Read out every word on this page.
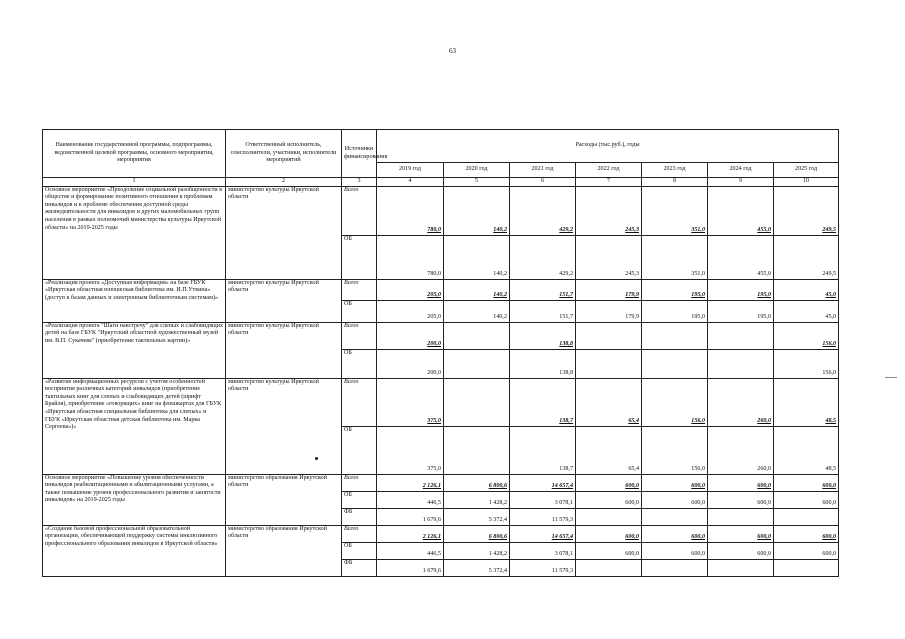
63
Наименование государственной программы, подпрограммы, ведомственной целевой программы, основного мероприятия, мероприятия	Ответственный исполнитель, соисполнители, участники, исполнители мероприятий	Источники финансирования	Расходы (тыс.руб.), годы						
			2019 год	2020 год	2021 год	2022 год	2023 год	2024 год	2025 год
1	2	3	4	5	6	7	8	9	10
Основное мероприятие «Преодоление социальной разобщенности в обществе и формирование позитивного отношения к проблемам инвалидов и к проблеме обеспечения доступной среды жизнедеятельности для инвалидов и других маломобильных групп населения в рамках полномочий министерства культуры Иркутской области» на 2019-2025 годы	министерство культуры Иркутской области	Всего	780,0	140,2	429,2	245,3	351,0	455,0	249,5
		ОБ	780,0	140,2	429,2	245,3	351,0	455,0	249,5
«Реализация проекта «Доступная информация» на базе ГБУК «Иркутская областная юношеская библиотека им. И.П.Уткина» (доступ к базам данных и электронным библиотечным системам)»	министерство культуры Иркутской области	Всего	205,0	140,2	151,7	179,9	195,0	195,0	45,0
		ОБ	205,0	140,2	151,7	179,9	195,0	195,0	45,0
«Реализация проекта "Шаги навстречу" для слепых и слабовидящих детей на базе ГБУК "Иркутский областной художественный музей им. В.П. Сукачева" (приобретение тактильных картин)»	министерство культуры Иркутской области	Всего	200,0		138,8				156,0
		ОБ	200,0		138,8				156,0
«Развитие информационных ресурсов с учетом особенностей восприятия различных категорий инвалидов (приобретение тактильных книг для слепых и слабовидящих детей (шрифт Брайля), приобретение «говорящих» книг на флешкартах для ГБУК «Иркутская областная специальная библиотека для слепых» и ГБУК «Иркутская областная детская библиотека им. Марка Сергеева»)»	министерство культуры Иркутской области	Всего	375,0		138,7	65,4	156,0	260,0	48,5
		ОБ	375,0		138,7	65,4	156,0	260,0	48,5
Основное мероприятие «Повышение уровня обеспеченности инвалидов реабилитационными и абилитационными услугами, а также повышение уровня профессионального развития и занятости инвалидов» на 2019-2025 годы	министерство образования Иркутской области	Всего	2 126,1	6 800,6	14 657,4	600,0	600,0	600,0	600,0
		ОБ	446,5	1 428,2	3 078,1	600,0	600,0	600,0	600,0
		ФБ	1 679,6	5 372,4	11 579,3				
«Создание базовой профессиональной образовательной организации, обеспечивающей поддержку системы инклюзивного профессионального образования инвалидов в Иркутской области»	министерство образования Иркутской области	Всего	2 126,1	6 800,6	14 657,4	600,0	600,0	600,0	600,0
		ОБ	446,5	1 428,2	3 078,1	600,0	600,0	600,0	600,0
		ФБ	1 679,6	5 372,4	11 579,3				
